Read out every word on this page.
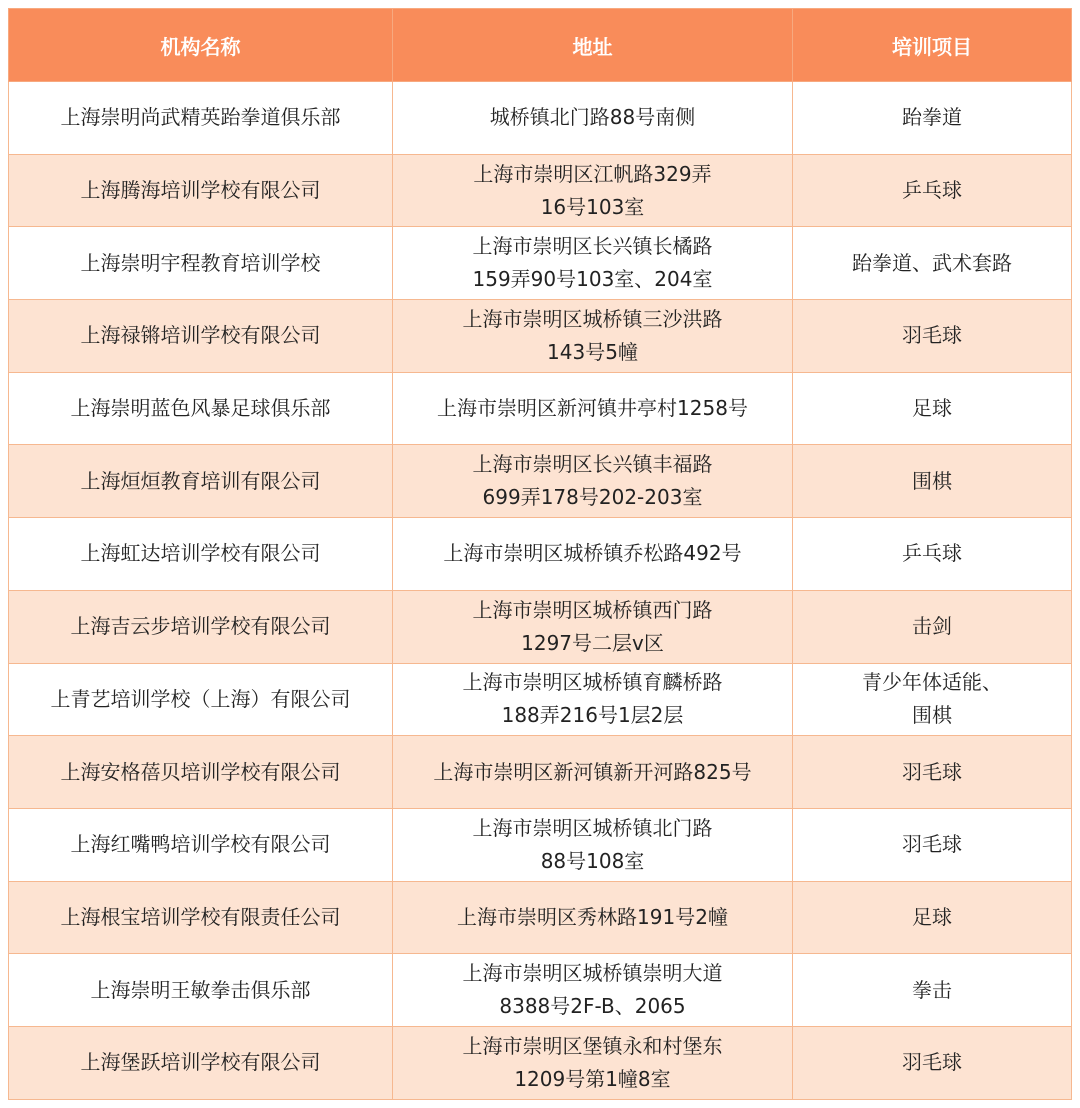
机构名称	地址	培训项目

上海崇明尚武精英跆拳道俱乐部	城桥镇北门路88号南侧	跆拳道

上海腾海培训学校有限公司	上海市崇明区江帆路329弄
16号103室	乒乓球

上海崇明宇程教育培训学校	上海市崇明区长兴镇长橘路
159弄90号103室、204室	跆拳道、武术套路

上海禄锵培训学校有限公司	上海市崇明区城桥镇三沙洪路
143号5幢	羽毛球

上海崇明蓝色风暴足球俱乐部	上海市崇明区新河镇井亭村1258号	足球

上海烜烜教育培训有限公司	上海市崇明区长兴镇丰福路
699弄178号202-203室	围棋

上海虹达培训学校有限公司	上海市崇明区城桥镇乔松路492号	乒乓球

上海吉云步培训学校有限公司	上海市崇明区城桥镇西门路
1297号二层v区	击剑

上青艺培训学校（上海）有限公司	上海市崇明区城桥镇育麟桥路
188弄216号1层2层	青少年体适能、
围棋

上海安格蓓贝培训学校有限公司	上海市崇明区新河镇新开河路825号	羽毛球

上海红嘴鸭培训学校有限公司	上海市崇明区城桥镇北门路
88号108室	羽毛球

上海根宝培训学校有限责任公司	上海市崇明区秀林路191号2幢	足球

上海崇明王敏拳击俱乐部	上海市崇明区城桥镇崇明大道
8388号2F-B、2065	拳击

上海堡跃培训学校有限公司	上海市崇明区堡镇永和村堡东
1209号第1幢8室	羽毛球
